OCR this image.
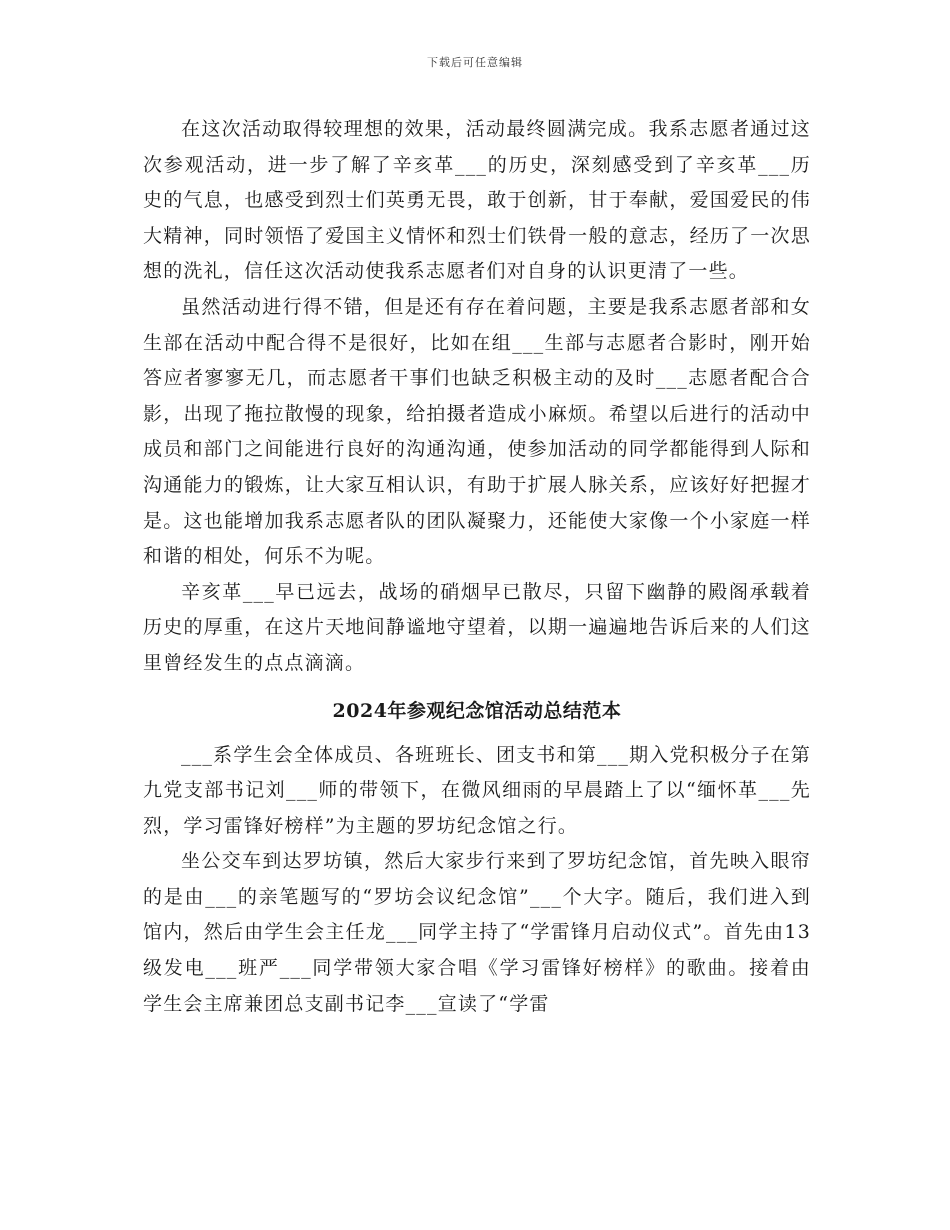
下载后可任意编辑

在这次活动取得较理想的效果，活动最终圆满完成。我系志愿者通过这次参观活动，进一步了解了辛亥革___的历史，深刻感受到了辛亥革___历史的气息，也感受到烈士们英勇无畏，敢于创新，甘于奉献，爱国爱民的伟大精神，同时领悟了爱国主义情怀和烈士们铁骨一般的意志，经历了一次思想的洗礼，信任这次活动使我系志愿者们对自身的认识更清了一些。

虽然活动进行得不错，但是还有存在着问题，主要是我系志愿者部和女生部在活动中配合得不是很好，比如在组___生部与志愿者合影时，刚开始答应者寥寥无几，而志愿者干事们也缺乏积极主动的及时___志愿者配合合影，出现了拖拉散慢的现象，给拍摄者造成小麻烦。希望以后进行的活动中成员和部门之间能进行良好的沟通沟通，使参加活动的同学都能得到人际和沟通能力的锻炼，让大家互相认识，有助于扩展人脉关系，应该好好把握才是。这也能增加我系志愿者队的团队凝聚力，还能使大家像一个小家庭一样和谐的相处，何乐不为呢。

辛亥革___早已远去，战场的硝烟早已散尽，只留下幽静的殿阁承载着历史的厚重，在这片天地间静谧地守望着，以期一遍遍地告诉后来的人们这里曾经发生的点点滴滴。

2024年参观纪念馆活动总结范本

___系学生会全体成员、各班班长、团支书和第___期入党积极分子在第九党支部书记刘___师的带领下，在微风细雨的早晨踏上了以“缅怀革___先烈，学习雷锋好榜样”为主题的罗坊纪念馆之行。

坐公交车到达罗坊镇，然后大家步行来到了罗坊纪念馆，首先映入眼帘的是由___的亲笔题写的“罗坊会议纪念馆”___个大字。随后，我们进入到馆内，然后由学生会主任龙___同学主持了“学雷锋月启动仪式”。首先由13级发电___班严___同学带领大家合唱《学习雷锋好榜样》的歌曲。接着由学生会主席兼团总支副书记李___宣读了“学雷
